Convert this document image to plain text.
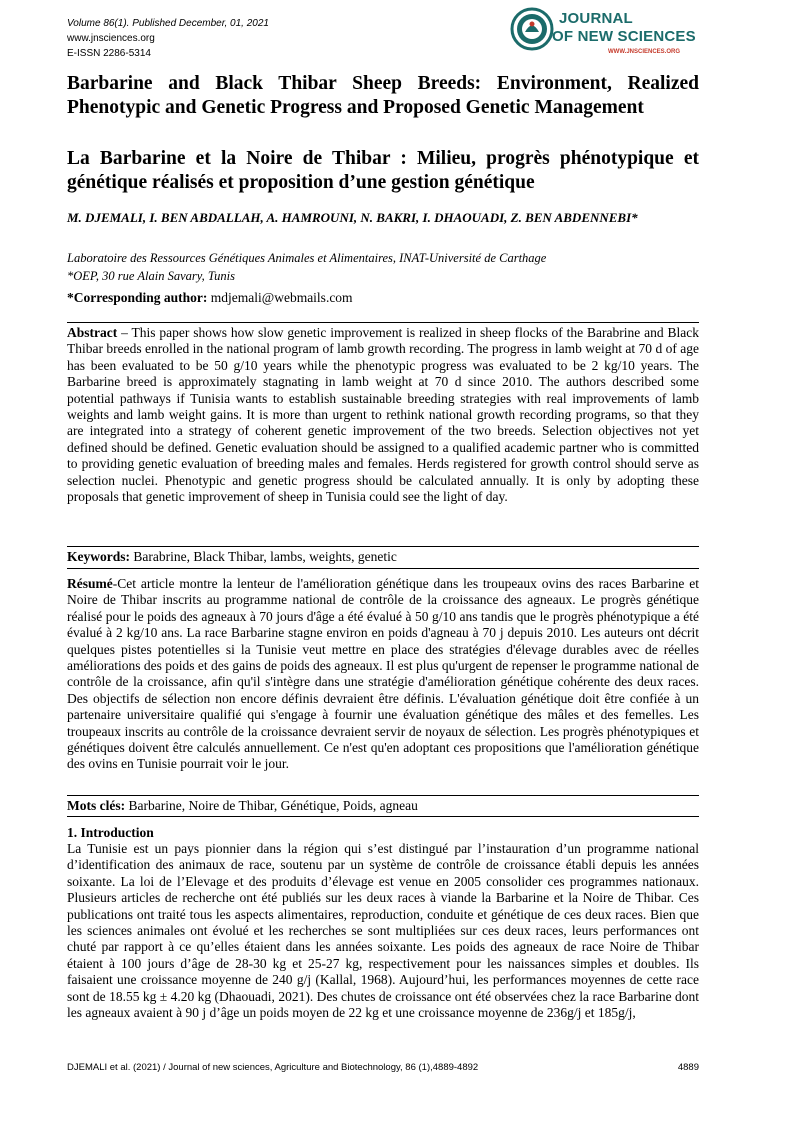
Volume 86(1). Published December, 01, 2021
www.jnsciences.org
E-ISSN 2286-5314
JOURNAL
OF NEW SCIENCES
WWW.JNSCIENCES.ORG
Barbarine and Black Thibar Sheep Breeds: Environment, Realized Phenotypic and Genetic Progress and Proposed Genetic Management
La Barbarine et la Noire de Thibar : Milieu, progrès phénotypique et génétique réalisés et proposition d’une gestion génétique
M. DJEMALI, I. BEN ABDALLAH, A. HAMROUNI, N. BAKRI, I. DHAOUADI, Z. BEN ABDENNEBI*
Laboratoire des Ressources Génétiques Animales et Alimentaires, INAT-Université de Carthage
*OEP, 30 rue Alain Savary, Tunis
*Corresponding author: mdjemali@webmails.com
Abstract – This paper shows how slow genetic improvement is realized in sheep flocks of the Barabrine and Black Thibar breeds enrolled in the national program of lamb growth recording. The progress in lamb weight at 70 d of age has been evaluated to be 50 g/10 years while the phenotypic progress was evaluated to be 2 kg/10 years. The Barbarine breed is approximately stagnating in lamb weight at 70 d since 2010. The authors described some potential pathways if Tunisia wants to establish sustainable breeding strategies with real improvements of lamb weights and lamb weight gains. It is more than urgent to rethink national growth recording programs, so that they are integrated into a strategy of coherent genetic improvement of the two breeds. Selection objectives not yet defined should be defined. Genetic evaluation should be assigned to a qualified academic partner who is committed to providing genetic evaluation of breeding males and females. Herds registered for growth control should serve as selection nuclei. Phenotypic and genetic progress should be calculated annually. It is only by adopting these proposals that genetic improvement of sheep in Tunisia could see the light of day.
Keywords: Barabrine, Black Thibar, lambs, weights, genetic
Résumé-Cet article montre la lenteur de l'amélioration génétique dans les troupeaux ovins des races Barbarine et Noire de Thibar inscrits au programme national de contrôle de la croissance des agneaux. Le progrès génétique réalisé pour le poids des agneaux à 70 jours d'âge a été évalué à 50 g/10 ans tandis que le progrès phénotypique a été évalué à 2 kg/10 ans. La race Barbarine stagne environ en poids d'agneau à 70 j depuis 2010. Les auteurs ont décrit quelques pistes potentielles si la Tunisie veut mettre en place des stratégies d'élevage durables avec de réelles améliorations des poids et des gains de poids des agneaux. Il est plus qu'urgent de repenser le programme national de contrôle de la croissance, afin qu'il s'intègre dans une stratégie d'amélioration génétique cohérente des deux races. Des objectifs de sélection non encore définis devraient être définis. L'évaluation génétique doit être confiée à un partenaire universitaire qualifié qui s'engage à fournir une évaluation génétique des mâles et des femelles. Les troupeaux inscrits au contrôle de la croissance devraient servir de noyaux de sélection. Les progrès phénotypiques et génétiques doivent être calculés annuellement. Ce n'est qu'en adoptant ces propositions que l'amélioration génétique des ovins en Tunisie pourrait voir le jour.
Mots clés: Barbarine, Noire de Thibar, Génétique, Poids, agneau
1. Introduction
La Tunisie est un pays pionnier dans la région qui s’est distingué par l’instauration d’un programme national d’identification des animaux de race, soutenu par un système de contrôle de croissance établi depuis les années soixante. La loi de l’Elevage et des produits d’élevage est venue en 2005 consolider ces programmes nationaux. Plusieurs articles de recherche ont été publiés sur les deux races à viande la Barbarine et la Noire de Thibar. Ces publications ont traité tous les aspects alimentaires, reproduction, conduite et génétique de ces deux races. Bien que les sciences animales ont évolué et les recherches se sont multipliées sur ces deux races, leurs performances ont chuté par rapport à ce qu’elles étaient dans les années soixante. Les poids des agneaux de race Noire de Thibar étaient à 100 jours d’âge de 28-30 kg et 25-27 kg, respectivement pour les naissances simples et doubles. Ils faisaient une croissance moyenne de 240 g/j (Kallal, 1968). Aujourd’hui, les performances moyennes de cette race sont de 18.55 kg ± 4.20 kg (Dhaouadi, 2021). Des chutes de croissance ont été observées chez la race Barbarine dont les agneaux avaient à 90 j d’âge un poids moyen de 22 kg et une croissance moyenne de 236g/j et 185g/j,
DJEMALI et al. (2021) / Journal of new sciences, Agriculture and Biotechnology, 86 (1),4889-4892	4889
